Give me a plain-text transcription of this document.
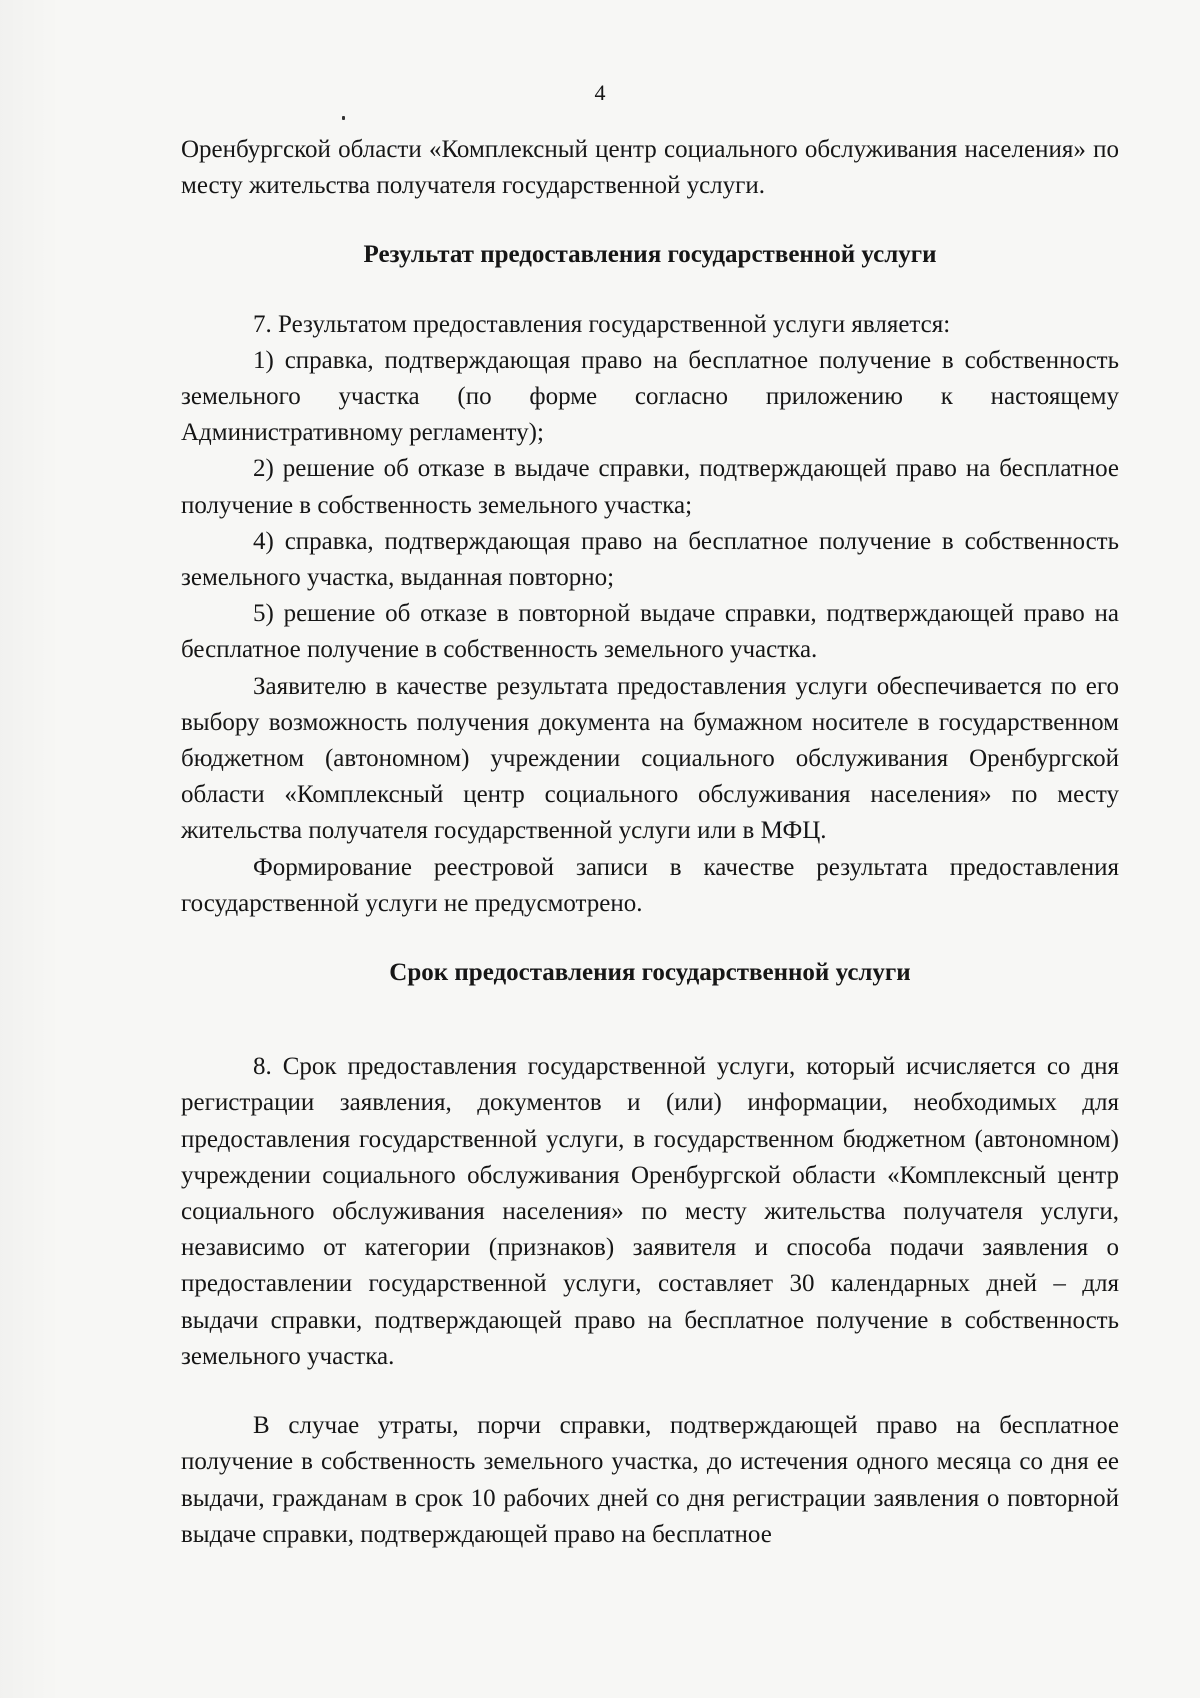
4

Оренбургской области «Комплексный центр социального обслуживания населения» по месту жительства получателя государственной услуги.

Результат предоставления государственной услуги

7. Результатом предоставления государственной услуги является:

1) справка, подтверждающая право на бесплатное получение в собственность земельного участка (по форме согласно приложению к настоящему Административному регламенту);

2) решение об отказе в выдаче справки, подтверждающей право на бесплатное получение в собственность земельного участка;

4) справка, подтверждающая право на бесплатное получение в собственность земельного участка, выданная повторно;

5) решение об отказе в повторной выдаче справки, подтверждающей право на бесплатное получение в собственность земельного участка.

Заявителю в качестве результата предоставления услуги обеспечивается по его выбору возможность получения документа на бумажном носителе в государственном бюджетном (автономном) учреждении социального обслуживания Оренбургской области «Комплексный центр социального обслуживания населения» по месту жительства получателя государственной услуги или в МФЦ.

Формирование реестровой записи в качестве результата предоставления государственной услуги не предусмотрено.

Срок предоставления государственной услуги

8. Срок предоставления государственной услуги, который исчисляется со дня регистрации заявления, документов и (или) информации, необходимых для предоставления государственной услуги, в государственном бюджетном (автономном) учреждении социального обслуживания Оренбургской области «Комплексный центр социального обслуживания населения» по месту жительства получателя услуги, независимо от категории (признаков) заявителя и способа подачи заявления о предоставлении государственной услуги, составляет 30 календарных дней – для выдачи справки, подтверждающей право на бесплатное получение в собственность земельного участка.

В случае утраты, порчи справки, подтверждающей право на бесплатное получение в собственность земельного участка, до истечения одного месяца со дня ее выдачи, гражданам в срок 10 рабочих дней со дня регистрации заявления о повторной выдаче справки, подтверждающей право на бесплатное
